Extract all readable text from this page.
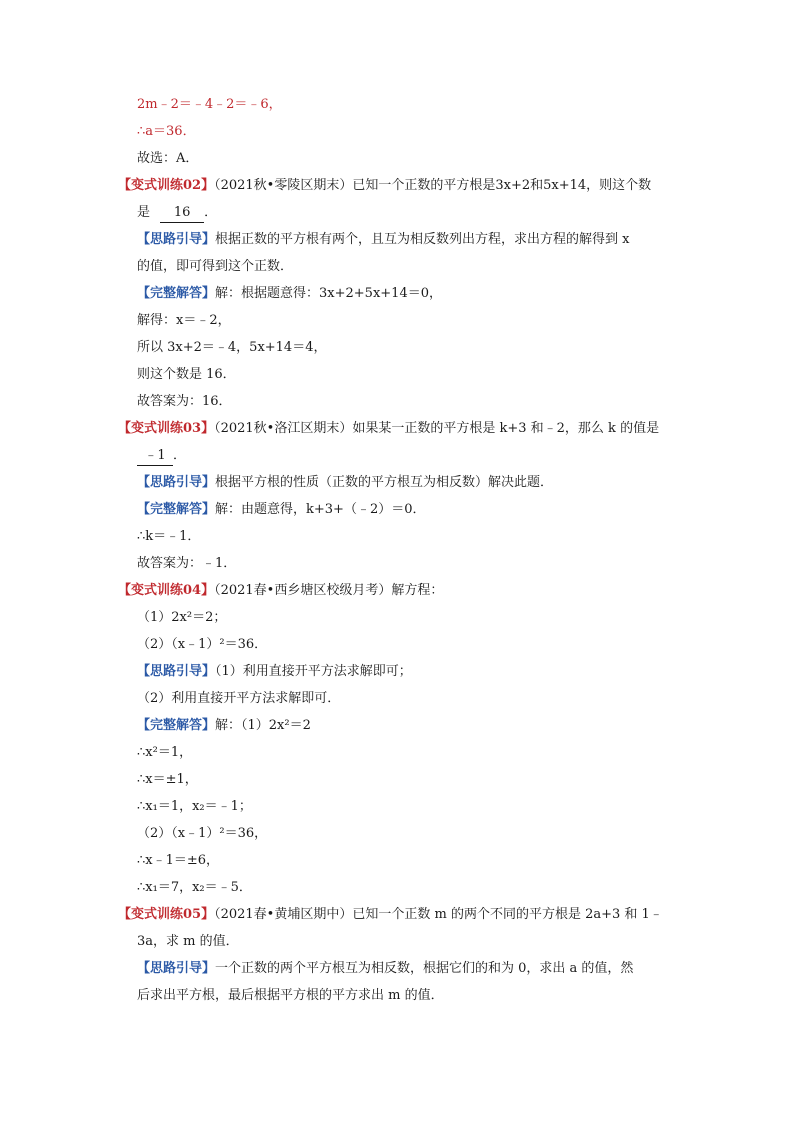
2m﹣2＝﹣4﹣2＝﹣6，
∴a＝36．
故选：A．
【变式训练02】（2021秋•零陵区期末）已知一个正数的平方根是3x+2和5x+14，则这个数
是 16 ．
【思路引导】根据正数的平方根有两个，且互为相反数列出方程，求出方程的解得到 x
的值，即可得到这个正数．
【完整解答】解：根据题意得：3x+2+5x+14＝0，
解得：x＝﹣2，
所以 3x+2＝﹣4，5x+14＝4，
则这个数是 16．
故答案为：16．
【变式训练03】（2021秋•洛江区期末）如果某一正数的平方根是 k+3 和﹣2，那么 k 的值是
﹣1 ．
【思路引导】根据平方根的性质（正数的平方根互为相反数）解决此题．
【完整解答】解：由题意得，k+3+（﹣2）＝0．
∴k＝﹣1．
故答案为：﹣1．
【变式训练04】（2021春•西乡塘区校级月考）解方程：
（1）2x²＝2；
（2）（x﹣1）²＝36．
【思路引导】（1）利用直接开平方法求解即可；
（2）利用直接开平方法求解即可．
【完整解答】解：（1）2x²＝2
∴x²＝1，
∴x＝±1，
∴x₁＝1，x₂＝﹣1；
（2）（x﹣1）²＝36，
∴x﹣1＝±6，
∴x₁＝7，x₂＝﹣5．
【变式训练05】（2021春•黄埔区期中）已知一个正数 m 的两个不同的平方根是 2a+3 和 1﹣
3a，求 m 的值．
【思路引导】一个正数的两个平方根互为相反数，根据它们的和为 0，求出 a 的值，然
后求出平方根，最后根据平方根的平方求出 m 的值．
